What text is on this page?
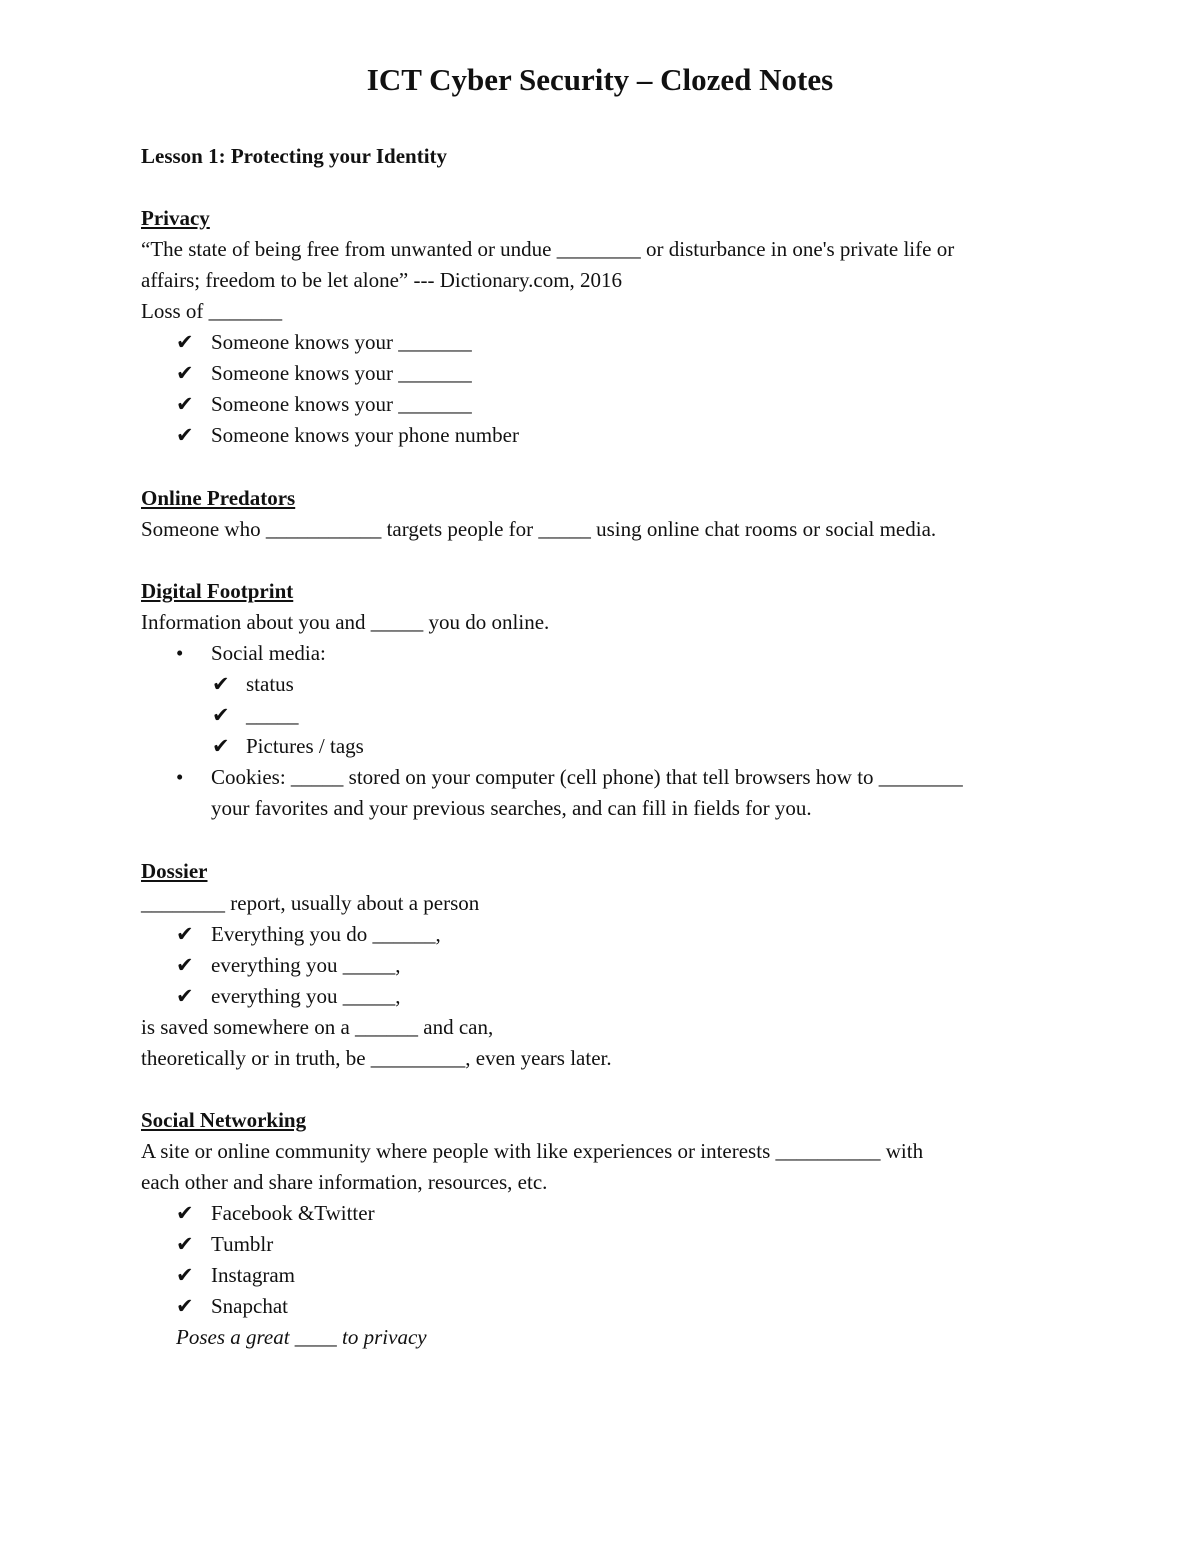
ICT Cyber Security – Clozed Notes
Lesson 1: Protecting your Identity
Privacy
“The state of being free from unwanted or undue ________ or disturbance in one's private life or
affairs; freedom to be let alone” --- Dictionary.com, 2016
Loss of _______
✔ Someone knows your _______
✔ Someone knows your _______
✔ Someone knows your _______
✔ Someone knows your phone number
Online Predators
Someone who ___________ targets people for _____ using online chat rooms or social media.
Digital Footprint
Information about you and _____ you do online.
• Social media:
✔ status
✔ _____
✔ Pictures / tags
• Cookies: _____ stored on your computer (cell phone) that tell browsers how to ________
your favorites and your previous searches, and can fill in fields for you.
Dossier
________ report, usually about a person
✔ Everything you do ______,
✔ everything you _____,
✔ everything you _____,
is saved somewhere on a ______ and can,
theoretically or in truth, be _________, even years later.
Social Networking
A site or online community where people with like experiences or interests __________ with
each other and share information, resources, etc.
✔ Facebook &Twitter
✔ Tumblr
✔ Instagram
✔ Snapchat
Poses a great ____ to privacy
